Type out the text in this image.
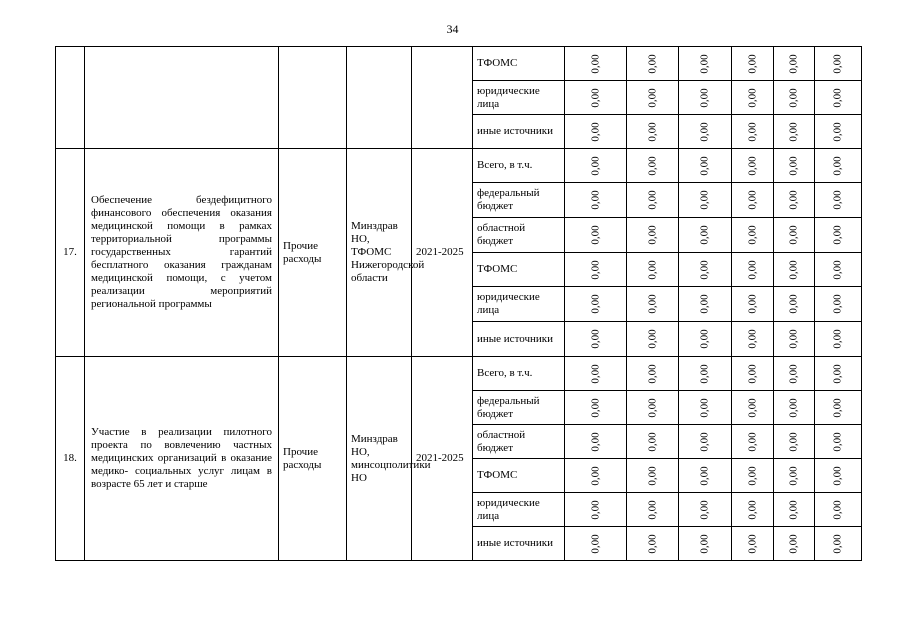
34
					ТФОМС	0,00	0,00	0,00	0,00	0,00	0,00

					юридические лица	0,00	0,00	0,00	0,00	0,00	0,00

					иные источники	0,00	0,00	0,00	0,00	0,00	0,00

17.	Обеспечение бездефицитного финансового обеспечения оказания медицинской помощи в рамках территориальной программы государственных гарантий бесплатного оказания гражданам медицинской помощи, с учетом реализации мероприятий региональной программы	Прочие расходы	Минздрав НО, ТФОМС Нижегородской области	2021-2025	Всего, в т.ч.	0,00	0,00	0,00	0,00	0,00	0,00

					федеральный бюджет	0,00	0,00	0,00	0,00	0,00	0,00

					областной бюджет	0,00	0,00	0,00	0,00	0,00	0,00

					ТФОМС	0,00	0,00	0,00	0,00	0,00	0,00

					юридические лица	0,00	0,00	0,00	0,00	0,00	0,00

					иные источники	0,00	0,00	0,00	0,00	0,00	0,00

18.	Участие в реализации пилотного проекта по вовлечению частных медицинских организаций в оказание медико- социальных услуг лицам в возрасте 65 лет и старше	Прочие расходы	Минздрав НО, минсоцполитики НО	2021-2025	Всего, в т.ч.	0,00	0,00	0,00	0,00	0,00	0,00

					федеральный бюджет	0,00	0,00	0,00	0,00	0,00	0,00

					областной бюджет	0,00	0,00	0,00	0,00	0,00	0,00

					ТФОМС	0,00	0,00	0,00	0,00	0,00	0,00

					юридические лица	0,00	0,00	0,00	0,00	0,00	0,00

					иные источники	0,00	0,00	0,00	0,00	0,00	0,00
